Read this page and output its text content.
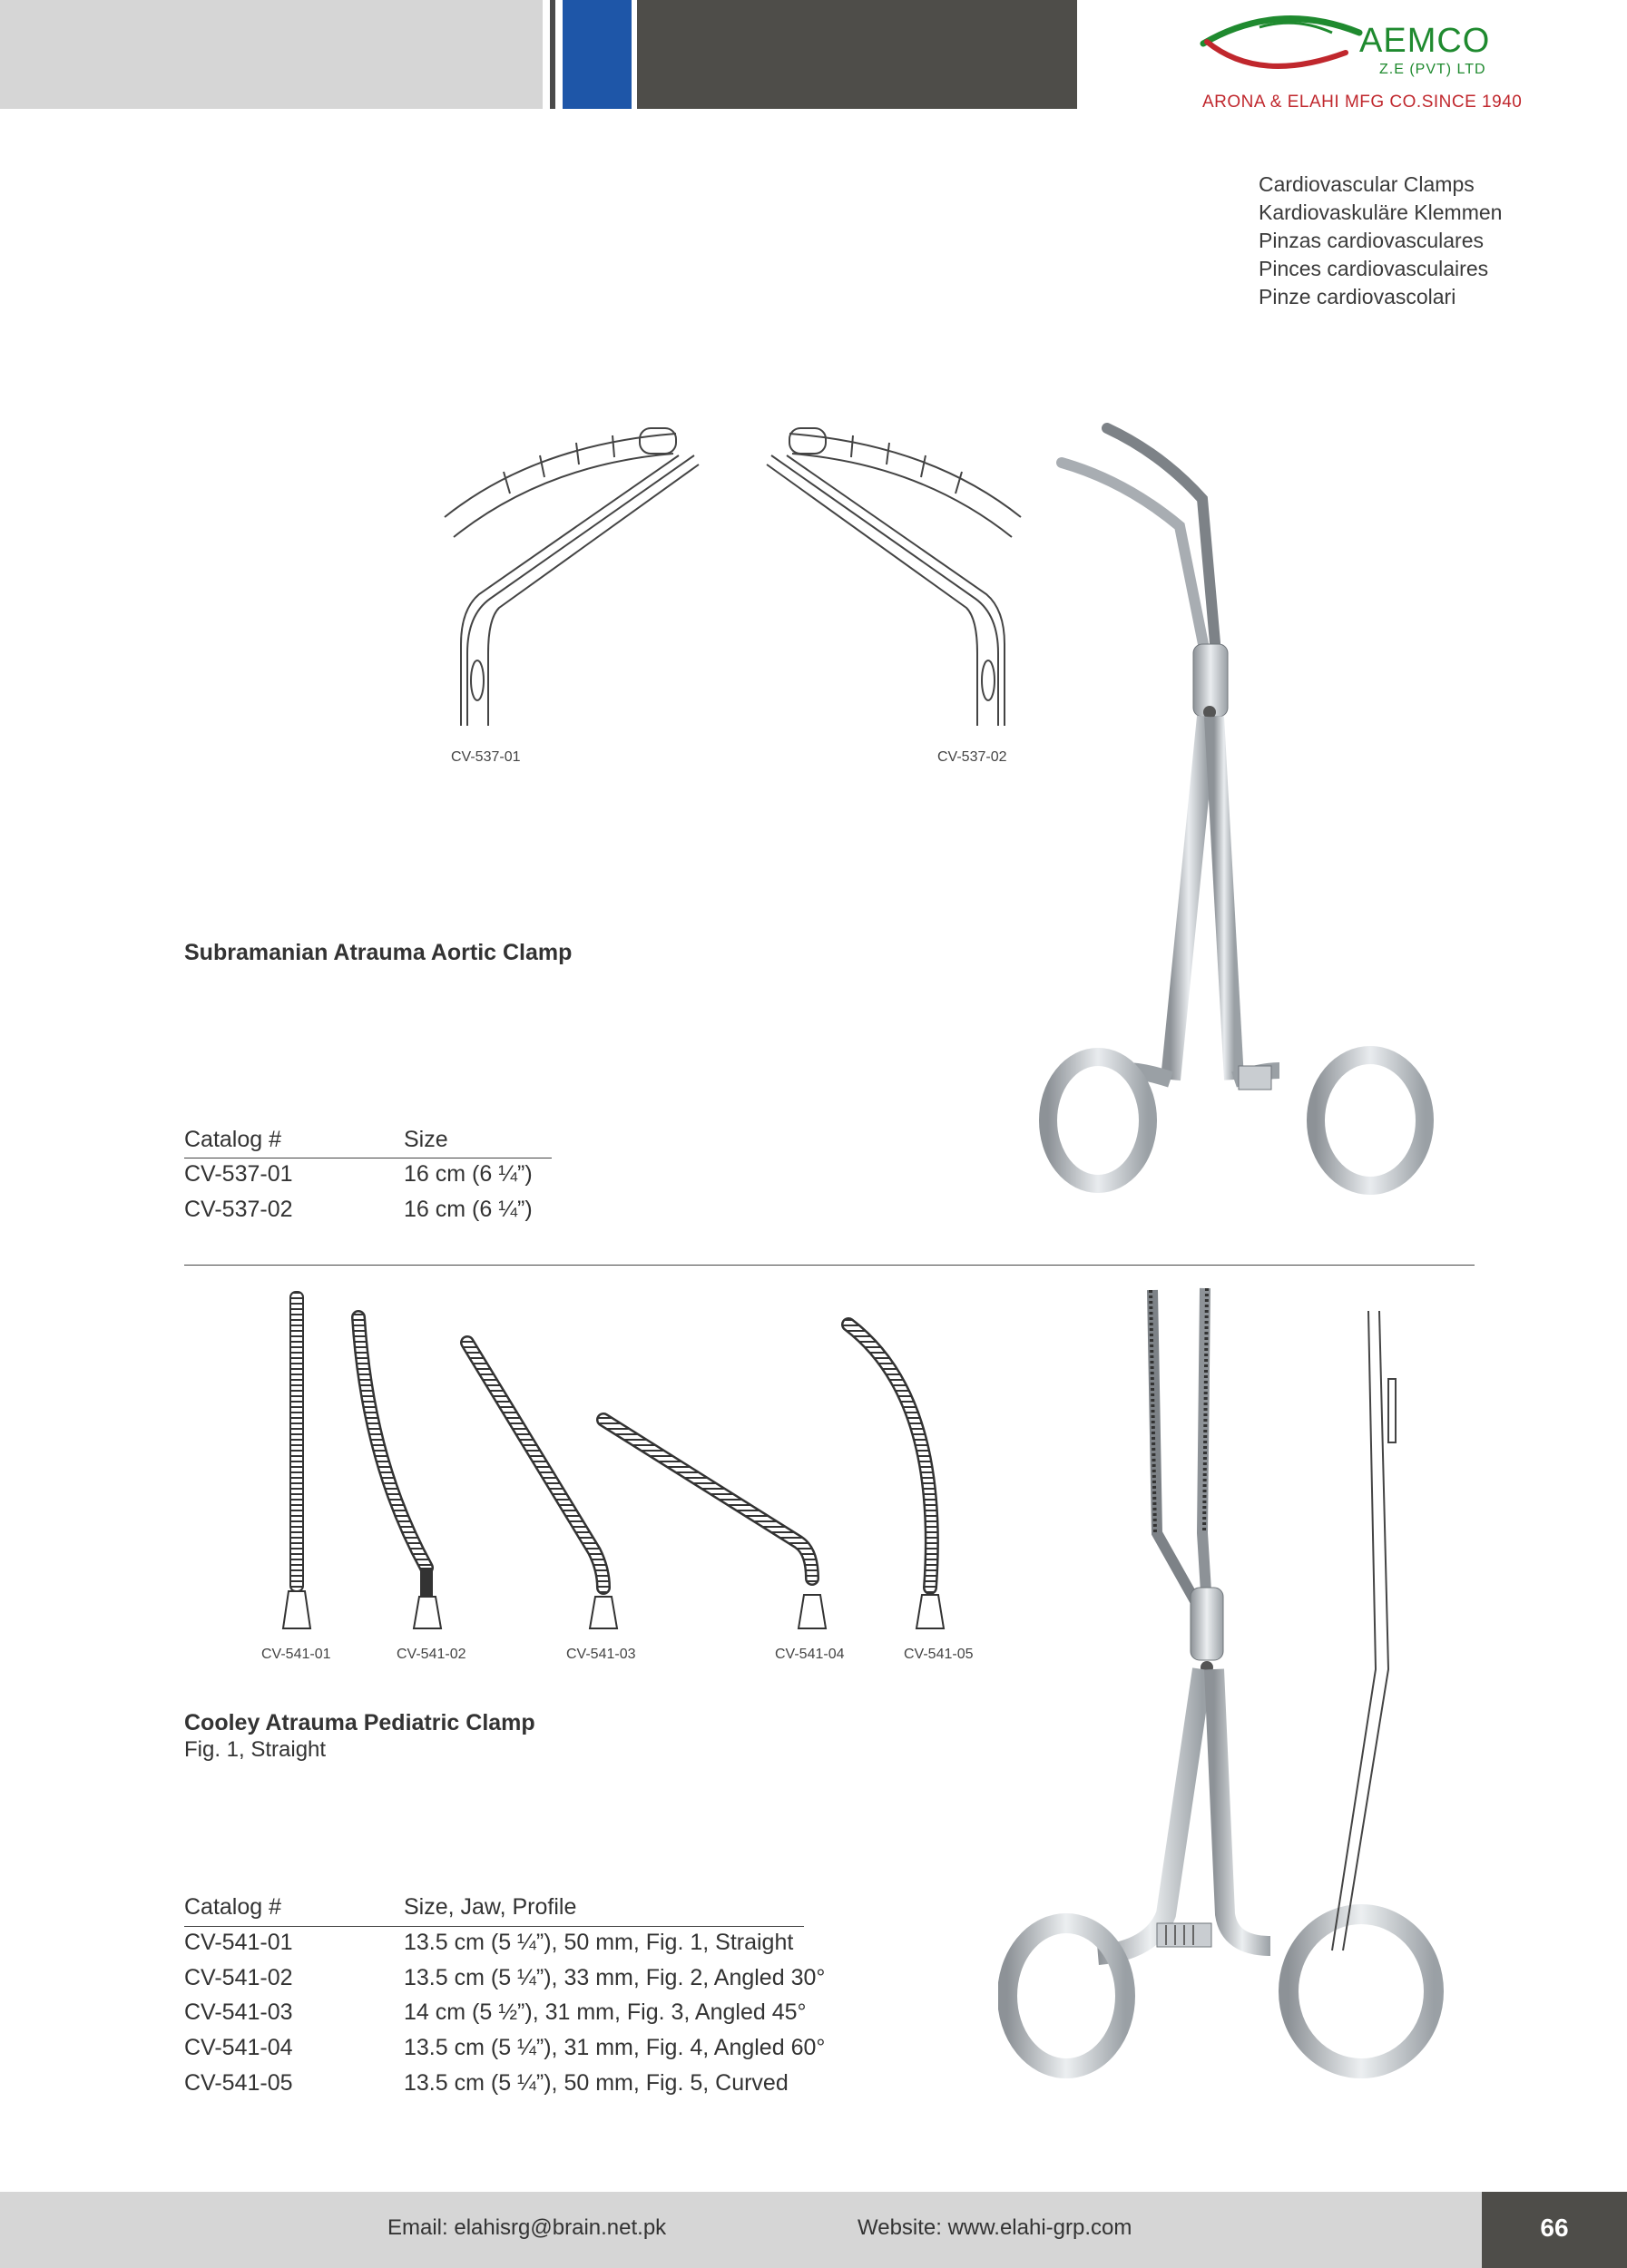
AEMCO
Z.E (PVT) LTD
ARONA & ELAHI MFG CO.SINCE 1940
Cardiovascular Clamps
Kardiovaskuläre Klemmen
Pinzas cardiovasculares
Pinces cardiovasculaires
Pinze cardiovascolari
CV-537-01	CV-537-02
Subramanian Atrauma Aortic Clamp
Catalog #	Size
CV-537-01	16 cm (6 ¼”)
CV-537-02	16 cm (6 ¼”)
CV-541-01	CV-541-02	CV-541-03	CV-541-04	CV-541-05
Cooley Atrauma Pediatric Clamp
Fig. 1, Straight
Catalog #	Size, Jaw, Profile
CV-541-01	13.5 cm (5 ¼”), 50 mm, Fig. 1, Straight
CV-541-02	13.5 cm (5 ¼”), 33 mm, Fig. 2, Angled 30°
CV-541-03	14 cm (5 ½”), 31 mm, Fig. 3, Angled 45°
CV-541-04	13.5 cm (5 ¼”), 31 mm, Fig. 4, Angled 60°
CV-541-05	13.5 cm (5 ¼”), 50 mm, Fig. 5, Curved
Email: elahisrg@brain.net.pk	Website: www.elahi-grp.com	66
